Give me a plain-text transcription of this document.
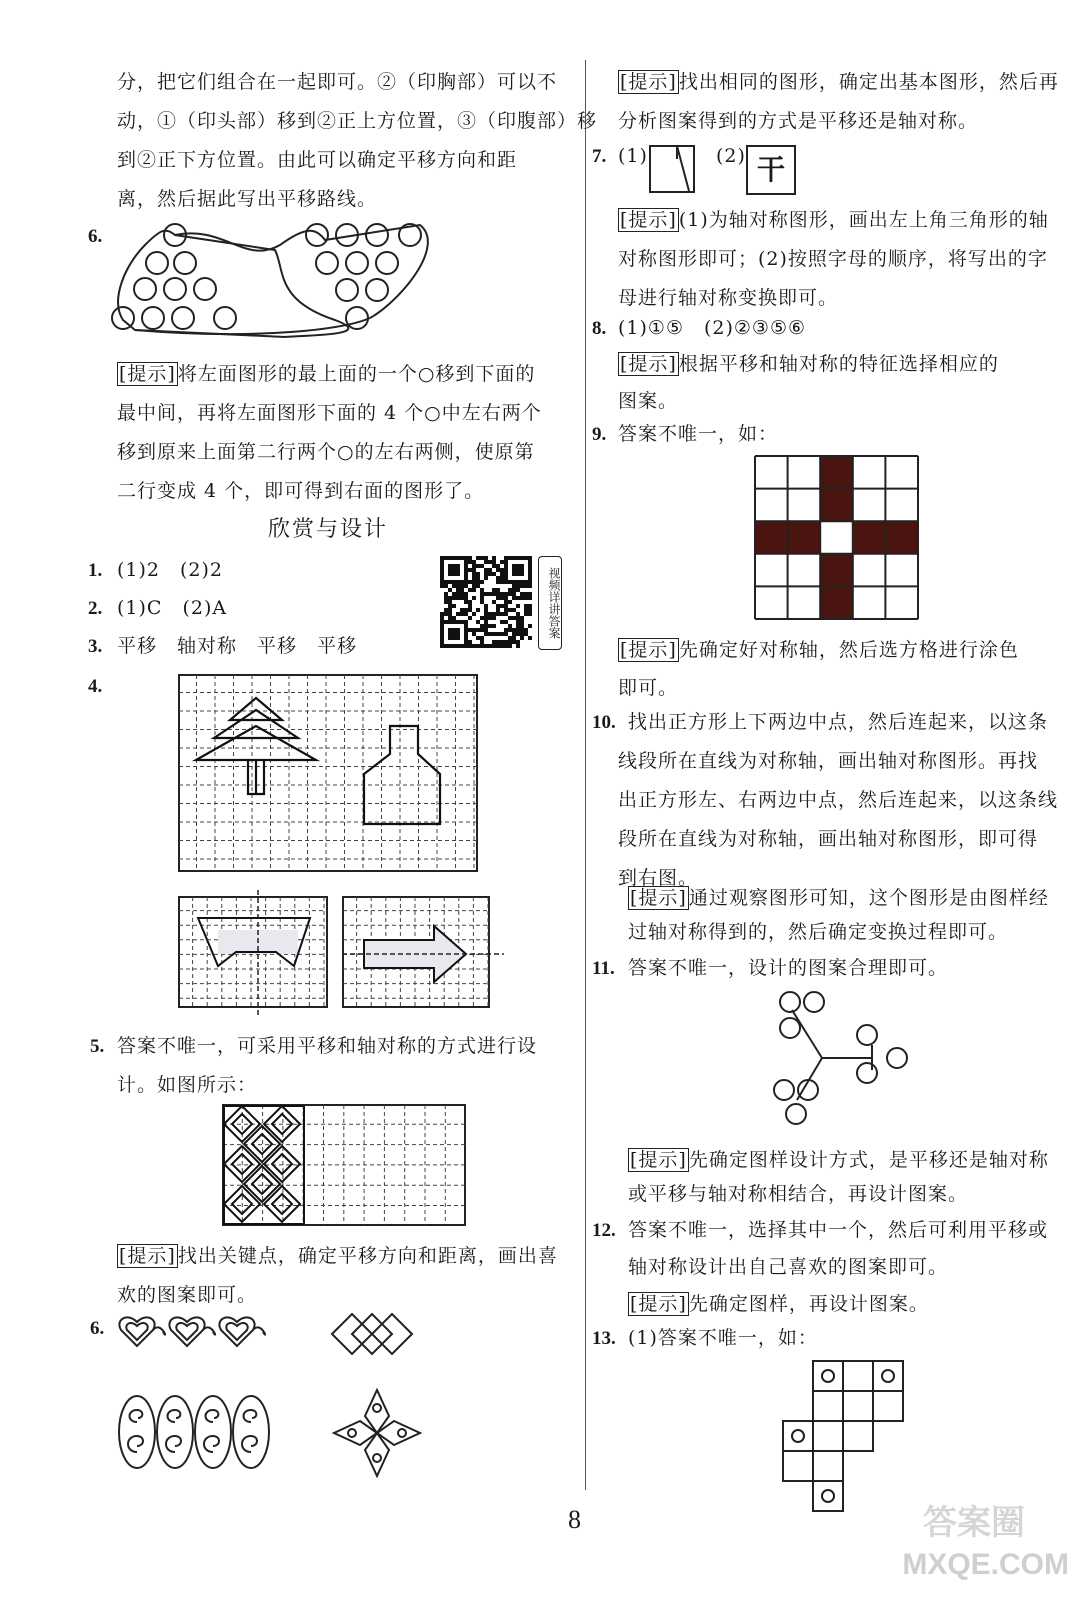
分，把它们组合在一起即可。②（印胸部）可以不
动，①（印头部）移到②正上方位置，③（印腹部）移
到②正下方位置。由此可以确定平移方向和距
离，然后据此写出平移路线。
6.
[提示] 将左面图形的最上面的一个○移到下面的
最中间，再将左面图形下面的 4 个○中左右两个
移到原来上面第二行两个○的左右两侧，使原第
二行变成 4 个，即可得到右面的图形了。
欣赏与设计
1. (1)2　(2)2
2. (1)C　(2)A
3. 平移　轴对称　平移　平移
视频详讲答案
4.
5. 答案不唯一，可采用平移和轴对称的方式进行设
计。如图所示：
[提示] 找出关键点，确定平移方向和距离，画出喜
欢的图案即可。
6.
[提示] 找出相同的图形，确定出基本图形，然后再
分析图案得到的方式是平移还是轴对称。
7. (1)	(2) 干
[提示] (1)为轴对称图形，画出左上角三角形的轴
对称图形即可；(2)按照字母的顺序，将写出的字
母进行轴对称变换即可。
8. (1)①⑤　(2)②③⑤⑥
[提示] 根据平移和轴对称的特征选择相应的
图案。
9. 答案不唯一，如：
[提示] 先确定好对称轴，然后选方格进行涂色
即可。
10. 找出正方形上下两边中点，然后连起来，以这条
线段所在直线为对称轴，画出轴对称图形。再找
出正方形左、右两边中点，然后连起来，以这条线
段所在直线为对称轴，画出轴对称图形，即可得
到右图。
[提示] 通过观察图形可知，这个图形是由图样经
过轴对称得到的，然后确定变换过程即可。
11. 答案不唯一，设计的图案合理即可。
[提示] 先确定图样设计方式，是平移还是轴对称
或平移与轴对称相结合，再设计图案。
12. 答案不唯一，选择其中一个，然后可利用平移或
轴对称设计出自己喜欢的图案即可。
[提示] 先确定图样，再设计图案。
13. (1)答案不唯一，如：
8	答案圈
MXQE.COM
